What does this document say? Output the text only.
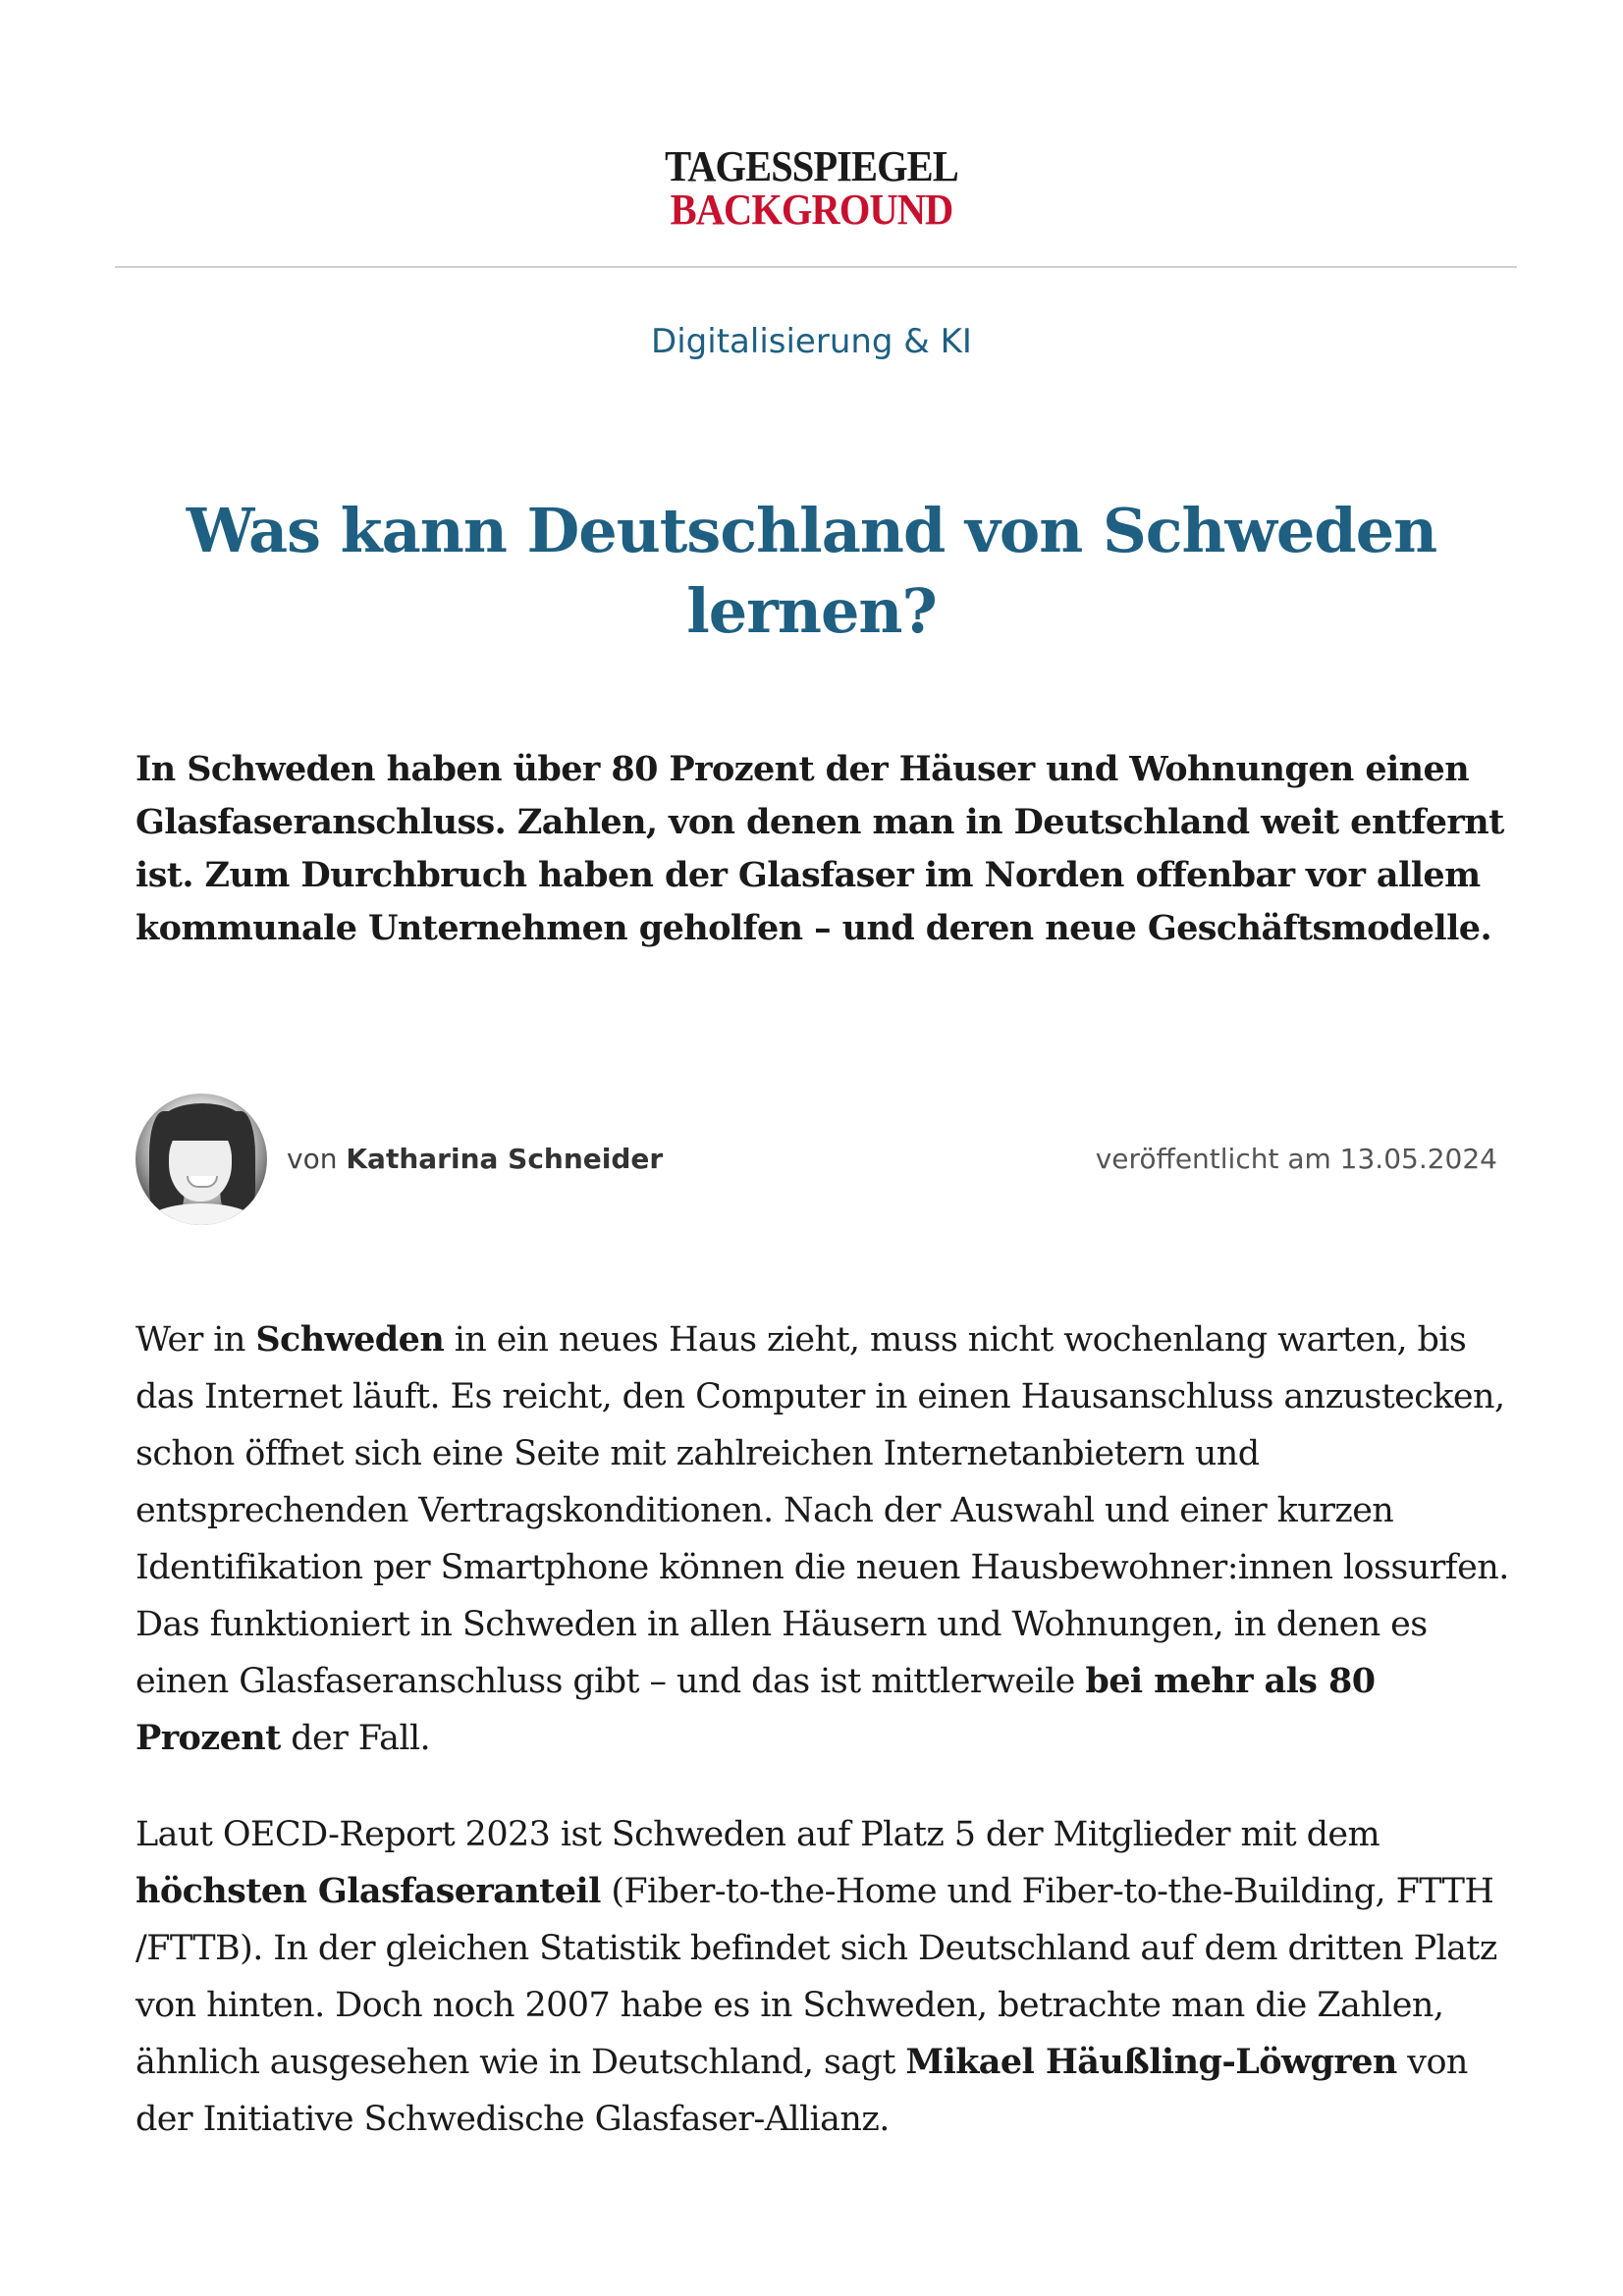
TAGESSPIEGEL
BACKGROUND
Digitalisierung & KI
Was kann Deutschland von Schweden lernen?

In Schweden haben über 80 Prozent der Häuser und Wohnungen einen Glasfaseranschluss. Zahlen, von denen man in Deutschland weit entfernt ist. Zum Durchbruch haben der Glasfaser im Norden offenbar vor allem kommunale Unternehmen geholfen – und deren neue Geschäftsmodelle.

von Katharina Schneider	veröffentlicht am 13.05.2024

Wer in Schweden in ein neues Haus zieht, muss nicht wochenlang warten, bis das Internet läuft. Es reicht, den Computer in einen Hausanschluss anzustecken, schon öffnet sich eine Seite mit zahlreichen Internetanbietern und entsprechenden Vertragskonditionen. Nach der Auswahl und einer kurzen Identifikation per Smartphone können die neuen Hausbewohner:innen lossurfen. Das funktioniert in Schweden in allen Häusern und Wohnungen, in denen es einen Glasfaseranschluss gibt – und das ist mittlerweile bei mehr als 80 Prozent der Fall.

Laut OECD-Report 2023 ist Schweden auf Platz 5 der Mitglieder mit dem höchsten Glasfaseranteil (Fiber-to-the-Home und Fiber-to-the-Building, FTTH /FTTB). In der gleichen Statistik befindet sich Deutschland auf dem dritten Platz von hinten. Doch noch 2007 habe es in Schweden, betrachte man die Zahlen, ähnlich ausgesehen wie in Deutschland, sagt Mikael Häußling-Löwgren von der Initiative Schwedische Glasfaser-Allianz.
